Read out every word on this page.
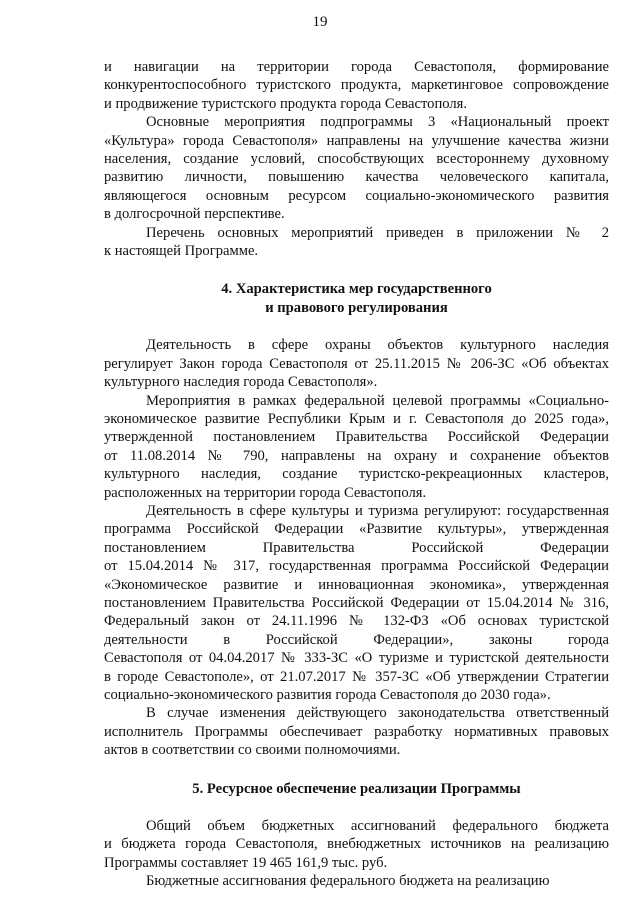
19
и навигации на территории города Севастополя, формирование
конкурентоспособного туристского продукта, маркетинговое сопровождение
и продвижение туристского продукта города Севастополя.
Основные мероприятия подпрограммы 3 «Национальный проект
«Культура» города Севастополя» направлены на улучшение качества жизни
населения, создание условий, способствующих всестороннему духовному
развитию личности, повышению качества человеческого капитала,
являющегося основным ресурсом социально-экономического развития
в долгосрочной перспективе.
Перечень основных мероприятий приведен в приложении № 2
к настоящей Программе.

4. Характеристика мер государственного
и правового регулирования

Деятельность в сфере охраны объектов культурного наследия
регулирует Закон города Севастополя от 25.11.2015 № 206-ЗС «Об объектах
культурного наследия города Севастополя».
Мероприятия в рамках федеральной целевой программы «Социально-
экономическое развитие Республики Крым и г. Севастополя до 2025 года»,
утвержденной постановлением Правительства Российской Федерации
от 11.08.2014 № 790, направлены на охрану и сохранение объектов
культурного наследия, создание туристско-рекреационных кластеров,
расположенных на территории города Севастополя.
Деятельность в сфере культуры и туризма регулируют: государственная
программа Российской Федерации «Развитие культуры», утвержденная
постановлением Правительства Российской Федерации
от 15.04.2014 № 317, государственная программа Российской Федерации
«Экономическое развитие и инновационная экономика», утвержденная
постановлением Правительства Российской Федерации от 15.04.2014 № 316,
Федеральный закон от 24.11.1996 № 132-ФЗ «Об основах туристской
деятельности в Российской Федерации», законы города
Севастополя от 04.04.2017 № 333-ЗС «О туризме и туристской деятельности
в городе Севастополе», от 21.07.2017 № 357-ЗС «Об утверждении Стратегии
социально-экономического развития города Севастополя до 2030 года».
В случае изменения действующего законодательства ответственный
исполнитель Программы обеспечивает разработку нормативных правовых
актов в соответствии со своими полномочиями.

5. Ресурсное обеспечение реализации Программы

Общий объем бюджетных ассигнований федерального бюджета
и бюджета города Севастополя, внебюджетных источников на реализацию
Программы составляет 19 465 161,9 тыс. руб.
Бюджетные ассигнования федерального бюджета на реализацию
